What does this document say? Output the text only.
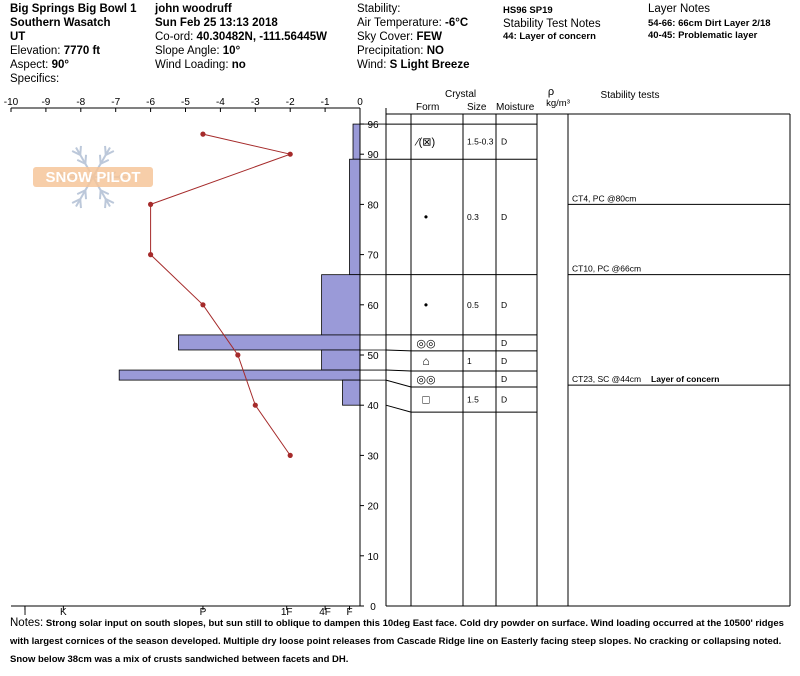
Big Springs Big Bowl 1
Southern Wasatch
UT
Elevation: 7770 ft
Aspect: 90°
Specifics:
john woodruff
Sun Feb 25 13:13 2018
Co-ord: 40.30482N, -111.56445W
Slope Angle: 10°
Wind Loading: no
Stability:
Air Temperature: -6°C
Sky Cover: FEW
Precipitation: NO
Wind: S Light Breeze
HS96 SP19
Stability Test Notes
44: Layer of concern
Layer Notes
54-66: 66cm Dirt Layer 2/18
40-45: Problematic layer
SNOW PILOT
-10 -9	-8	-7	-6	-5	-4	-3	-2	-1	0
I	K	P	1F	4F F 0
10
20
30
40
50
60
70
80
90
96
Crystal
Form	Size Moisture
ρ
kg/m³
Stability tests
⁄(⊠)	1.5-0.3 D
•	0.3	D
•	0.5	D
◎◎	D
⌂	1	D
◎◎	D
□	1.5	D
CT4, PC @80cm
CT10, PC @66cm
CT23, SC @44cm Layer of concern
Notes: Strong solar input on south slopes, but sun still to oblique to dampen this 10deg East face. Cold dry powder on surface. Wind loading occurred at the 10500' ridges with largest cornices of the season developed. Multiple dry loose point releases from Cascade Ridge line on Easterly facing steep slopes. No cracking or collapsing noted. Snow below 38cm was a mix of crusts sandwiched between facets and DH.
